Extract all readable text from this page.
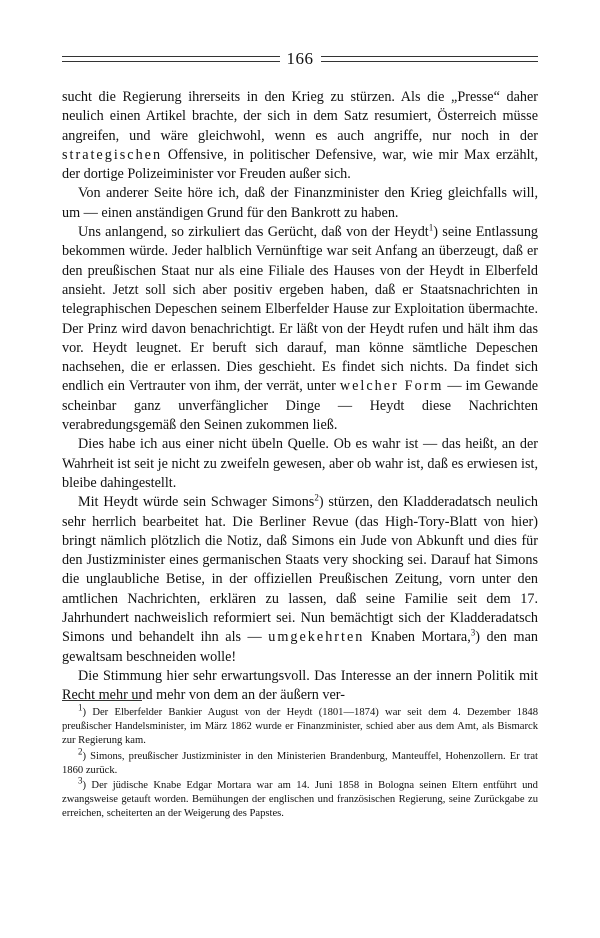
166

sucht die Regierung ihrerseits in den Krieg zu stürzen. Als die „Presse“ daher neulich einen Artikel brachte, der sich in dem Satz resumiert, Österreich müsse angreifen, und wäre gleichwohl, wenn es auch angriffe, nur noch in der strategischen Offensive, in politischer Defensive, war, wie mir Max erzählt, der dortige Polizeiminister vor Freuden außer sich.

Von anderer Seite höre ich, daß der Finanzminister den Krieg gleichfalls will, um — einen anständigen Grund für den Bankrott zu haben.

Uns anlangend, so zirkuliert das Gerücht, daß von der Heydt$^1$) seine Entlassung bekommen würde. Jeder halblich Vernünftige war seit Anfang an überzeugt, daß er den preußischen Staat nur als eine Filiale des Hauses von der Heydt in Elberfeld ansieht. Jetzt soll sich aber positiv ergeben haben, daß er Staatsnachrichten in telegraphischen Depeschen seinem Elberfelder Hause zur Exploitation übermachte. Der Prinz wird davon benachrichtigt. Er läßt von der Heydt rufen und hält ihm das vor. Heydt leugnet. Er beruft sich darauf, man könne sämtliche Depeschen nachsehen, die er erlassen. Dies geschieht. Es findet sich nichts. Da findet sich endlich ein Vertrauter von ihm, der verrät, unter welcher Form — im Gewande scheinbar ganz unverfänglicher Dinge — Heydt diese Nachrichten verabredungsgemäß den Seinen zukommen ließ.

Dies habe ich aus einer nicht übeln Quelle. Ob es wahr ist — das heißt, an der Wahrheit ist seit je nicht zu zweifeln gewesen, aber ob wahr ist, daß es erwiesen ist, bleibe dahingestellt.

Mit Heydt würde sein Schwager Simons$^2$) stürzen, den Kladderadatsch neulich sehr herrlich bearbeitet hat. Die Berliner Revue (das High-Tory-Blatt von hier) bringt nämlich plötzlich die Notiz, daß Simons ein Jude von Abkunft und dies für den Justizminister eines germanischen Staats very shocking sei. Darauf hat Simons die unglaubliche Betise, in der offiziellen Preußischen Zeitung, vorn unter den amtlichen Nachrichten, erklären zu lassen, daß seine Familie seit dem 17. Jahrhundert nachweislich reformiert sei. Nun bemächtigt sich der Kladderadatsch Simons und behandelt ihn als — umgekehrten Knaben Mortara,$^3$) den man gewaltsam beschneiden wolle!

Die Stimmung hier sehr erwartungsvoll. Das Interesse an der innern Politik mit Recht mehr und mehr von dem an der äußern ver-

$^1$) Der Elberfelder Bankier August von der Heydt (1801—1874) war seit dem 4. Dezember 1848 preußischer Handelsminister, im März 1862 wurde er Finanzminister, schied aber aus dem Amt, als Bismarck zur Regierung kam.

$^2$) Simons, preußischer Justizminister in den Ministerien Brandenburg, Manteuffel, Hohenzollern. Er trat 1860 zurück.

$^3$) Der jüdische Knabe Edgar Mortara war am 14. Juni 1858 in Bologna seinen Eltern entführt und zwangsweise getauft worden. Bemühungen der englischen und französischen Regierung, seine Zurückgabe zu erreichen, scheiterten an der Weigerung des Papstes.
